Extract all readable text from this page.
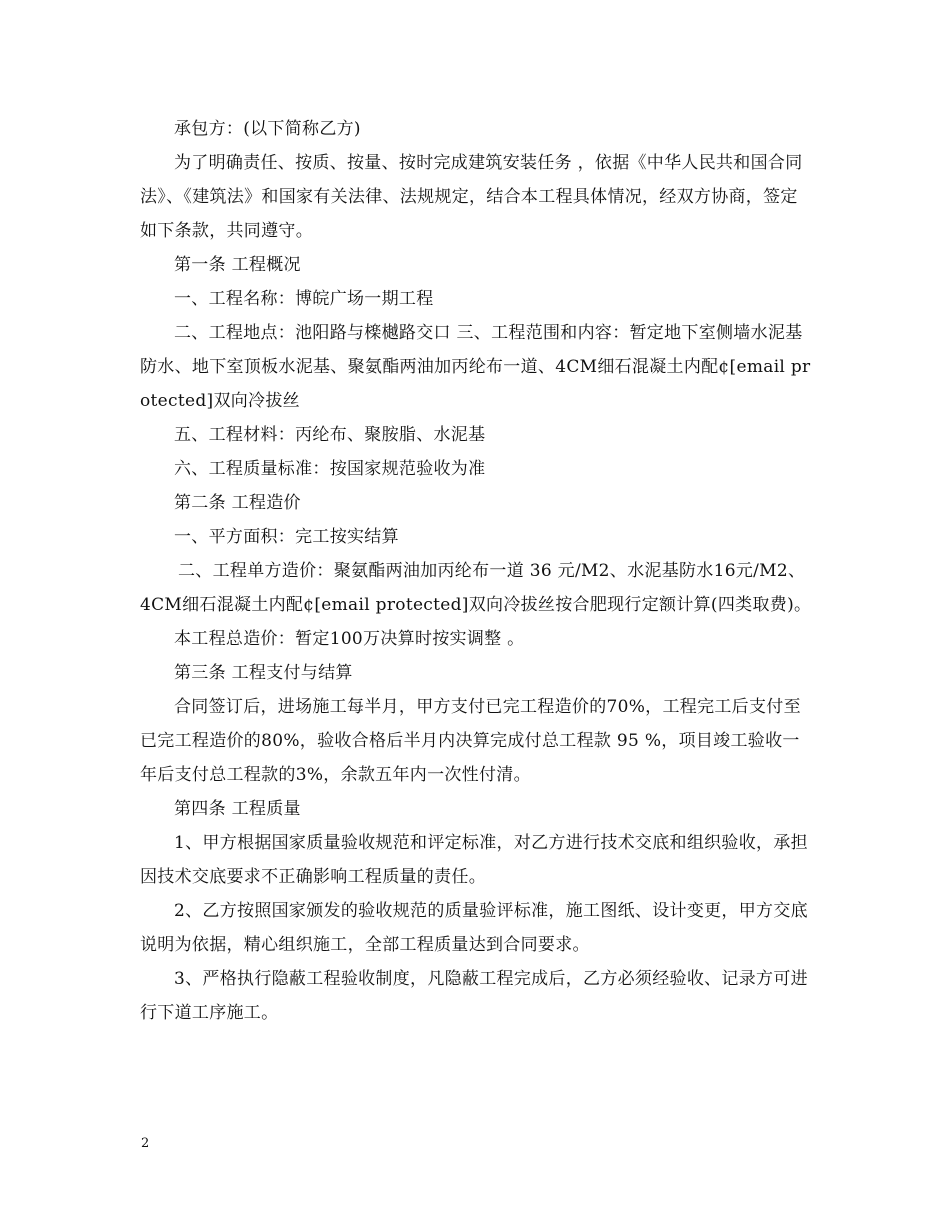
承包方：(以下简称乙方)

为了明确责任、按质、按量、按时完成建筑安装任务 ，依据《中华人民共和国合同法》、《建筑法》和国家有关法律、法规规定，结合本工程具体情况，经双方协商，签定如下条款，共同遵守。

第一条 工程概况

一、工程名称：博皖广场一期工程

二、工程地点：池阳路与檪樾路交口 三、工程范围和内容：暂定地下室侧墙水泥基防水、地下室顶板水泥基、聚氨酯两油加丙纶布一道、4CM细石混凝土内配¢[email protected]双向冷拔丝

五、工程材料：丙纶布、聚胺脂、水泥基

六、工程质量标准：按国家规范验收为准

第二条 工程造价

一、平方面积：完工按实结算

二、工程单方造价：聚氨酯两油加丙纶布一道 36 元/M2、水泥基防水16元/M2、4CM细石混凝土内配¢[email protected]双向冷拔丝按合肥现行定额计算(四类取费)。

本工程总造价：暂定100万决算时按实调整 。

第三条 工程支付与结算

合同签订后，进场施工每半月，甲方支付已完工程造价的70%，工程完工后支付至已完工程造价的80%，验收合格后半月内决算完成付总工程款 95 %，项目竣工验收一年后支付总工程款的3%，余款五年内一次性付清。

第四条 工程质量

1、甲方根据国家质量验收规范和评定标准，对乙方进行技术交底和组织验收，承担因技术交底要求不正确影响工程质量的责任。

2、乙方按照国家颁发的验收规范的质量验评标准，施工图纸、设计变更，甲方交底说明为依据，精心组织施工，全部工程质量达到合同要求。

3、严格执行隐蔽工程验收制度，凡隐蔽工程完成后，乙方必须经验收、记录方可进行下道工序施工。

2
